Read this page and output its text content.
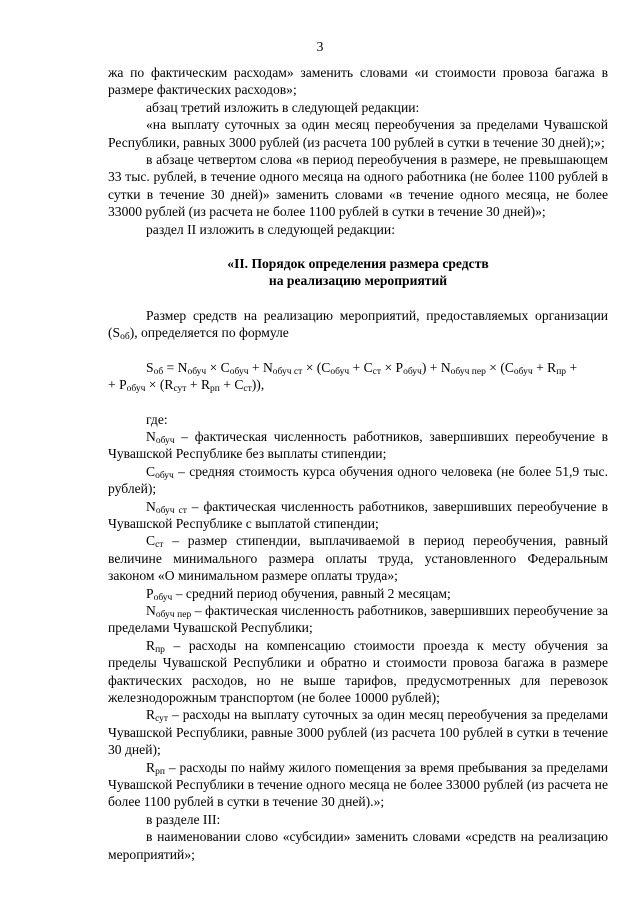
3

жа по фактическим расходам» заменить словами «и стоимости провоза багажа в размере фактических расходов»;

абзац третий изложить в следующей редакции:

«на выплату суточных за один месяц переобучения за пределами Чувашской Республики, равных 3000 рублей (из расчета 100 рублей в сутки в течение 30 дней);»;

в абзаце четвертом слова «в период переобучения в размере, не превышающем 33 тыс. рублей, в течение одного месяца на одного работника (не более 1100 рублей в сутки в течение 30 дней)» заменить словами «в течение одного месяца, не более 33000 рублей (из расчета не более 1100 рублей в сутки в течение 30 дней)»;

раздел II изложить в следующей редакции:

«II. Порядок определения размера средств
на реализацию мероприятий

Размер средств на реализацию мероприятий, предоставляемых организации $(S_{об})$, определяется по формуле

$S_{об} = N_{обуч} \times С_{обуч} + N_{обуч ст} \times (С_{обуч} + С_{ст} \times P_{обуч}) + N_{обуч пер} \times (С_{обуч} + R_{пр}$ +

+ $P_{обуч} \times (R_{сут} + R_{рп} + С_{ст})$),

где:

$N_{обуч}$ – фактическая численность работников, завершивших переобучение в Чувашской Республике без выплаты стипендии;

$С_{обуч}$ – средняя стоимость курса обучения одного человека (не более 51,9 тыс. рублей);

$N_{обуч ст}$ – фактическая численность работников, завершивших переобучение в Чувашской Республике с выплатой стипендии;

$С_{ст}$ – размер стипендии, выплачиваемой в период переобучения, равный величине минимального размера оплаты труда, установленного Федеральным законом «О минимальном размере оплаты труда»;

$P_{обуч}$ – средний период обучения, равный 2 месяцам;

$N_{обуч пер}$ – фактическая численность работников, завершивших переобучение за пределами Чувашской Республики;

$R_{пр}$ – расходы на компенсацию стоимости проезда к месту обучения за пределы Чувашской Республики и обратно и стоимости провоза багажа в размере фактических расходов, но не выше тарифов, предусмотренных для перевозок железнодорожным транспортом (не более 10000 рублей);

$R_{сут}$ – расходы на выплату суточных за один месяц переобучения за пределами Чувашской Республики, равные 3000 рублей (из расчета 100 рублей в сутки в течение 30 дней);

$R_{рп}$ – расходы по найму жилого помещения за время пребывания за пределами Чувашской Республики в течение одного месяца не более 33000 рублей (из расчета не более 1100 рублей в сутки в течение 30 дней).»;

в разделе III:

в наименовании слово «субсидии» заменить словами «средств на реализацию мероприятий»;
